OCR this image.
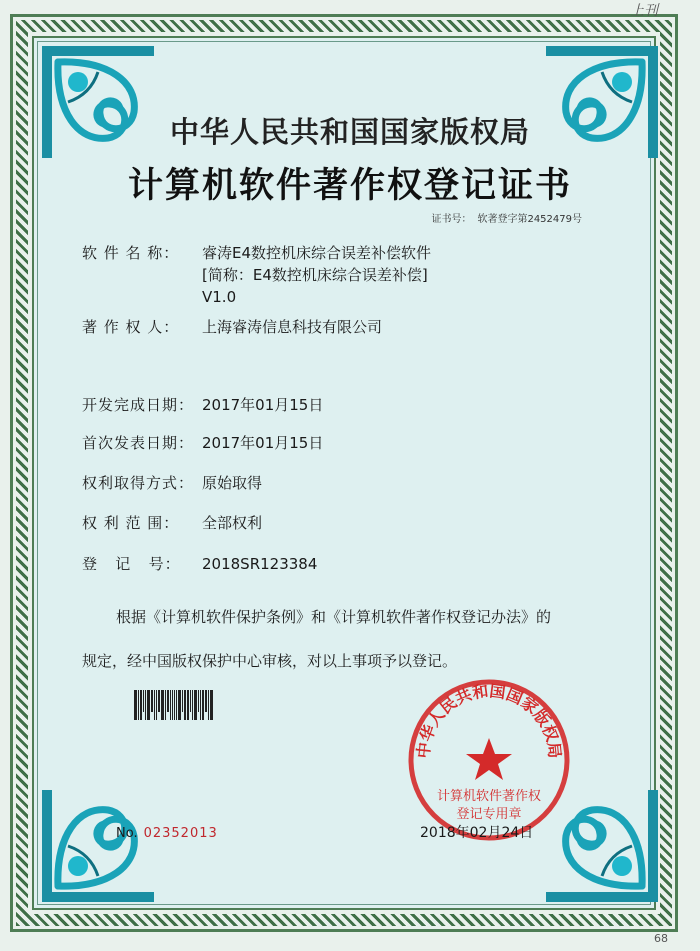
上刊
中华人民共和国国家版权局
计算机软件著作权登记证书
证书号： 软著登字第2452479号
软 件 名 称：	睿涛E4数控机床综合误差补偿软件
[简称：E4数控机床综合误差补偿]
V1.0
著 作 权 人：	上海睿涛信息科技有限公司
开发完成日期： 2017年01月15日
首次发表日期： 2017年01月15日
权利取得方式： 原始取得
权 利 范 围：	全部权利
登   记   号：	2018SR123384
根据《计算机软件保护条例》和《计算机软件著作权登记办法》的
规定，经中国版权保护中心审核，对以上事项予以登记。
中华人民共和国国家版权局
计算机软件著作权
登记专用章
No. 02352013	2018年02月24日
68
